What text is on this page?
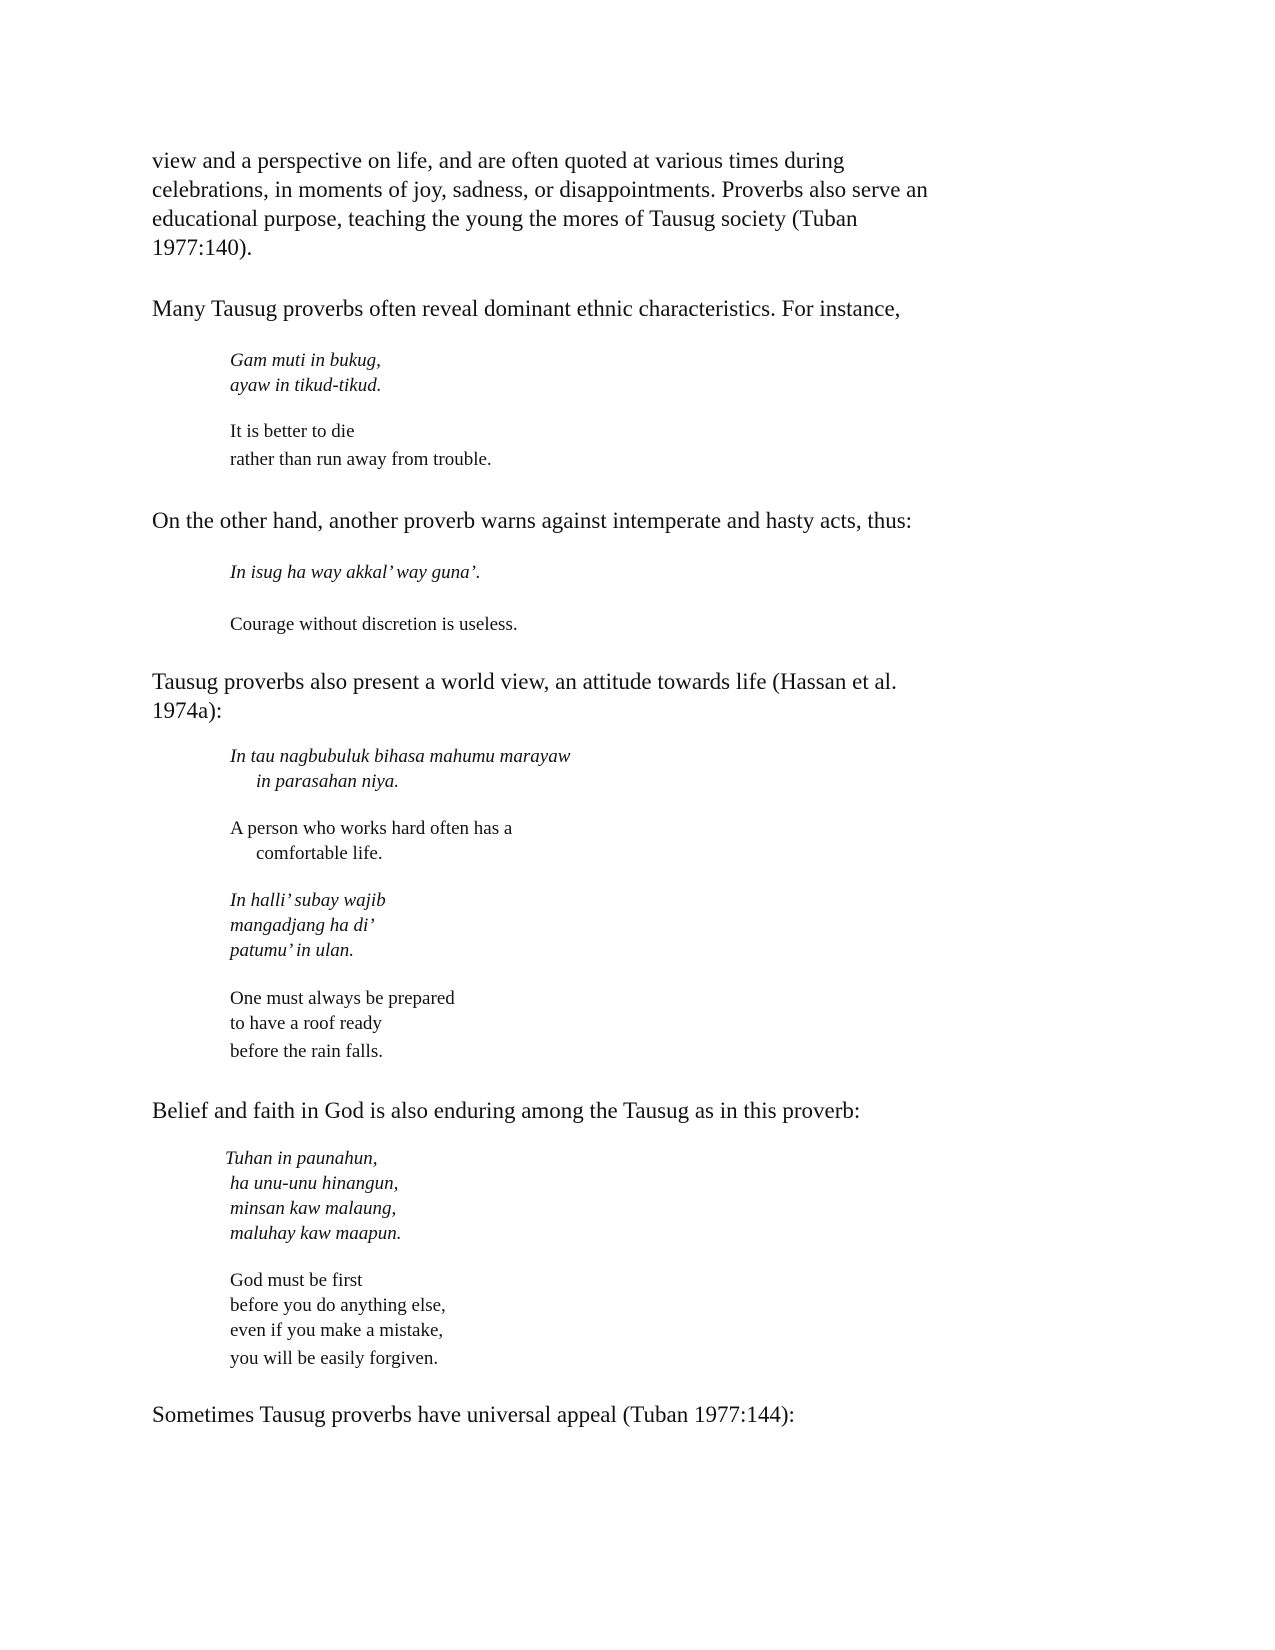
view and a perspective on life, and are often quoted at various times during
celebrations, in moments of joy, sadness, or disappointments. Proverbs also serve an
educational purpose, teaching the young the mores of Tausug society (Tuban
1977:140).

Many Tausug proverbs often reveal dominant ethnic characteristics. For instance,

Gam muti in bukug,
ayaw in tikud-tikud.
It is better to die
rather than run away from trouble.

On the other hand, another proverb warns against intemperate and hasty acts, thus:

In isug ha way akkal’ way guna’.
Courage without discretion is useless.

Tausug proverbs also present a world view, an attitude towards life (Hassan et al.
1974a):

In tau nagbubuluk bihasa mahumu marayaw
in parasahan niya.
A person who works hard often has a
comfortable life.
In halli’ subay wajib
mangadjang ha di’
patumu’ in ulan.
One must always be prepared
to have a roof ready
before the rain falls.

Belief and faith in God is also enduring among the Tausug as in this proverb:

Tuhan in paunahun,
ha unu-unu hinangun,
minsan kaw malaung,
maluhay kaw maapun.
God must be first
before you do anything else,
even if you make a mistake,
you will be easily forgiven.

Sometimes Tausug proverbs have universal appeal (Tuban 1977:144):
